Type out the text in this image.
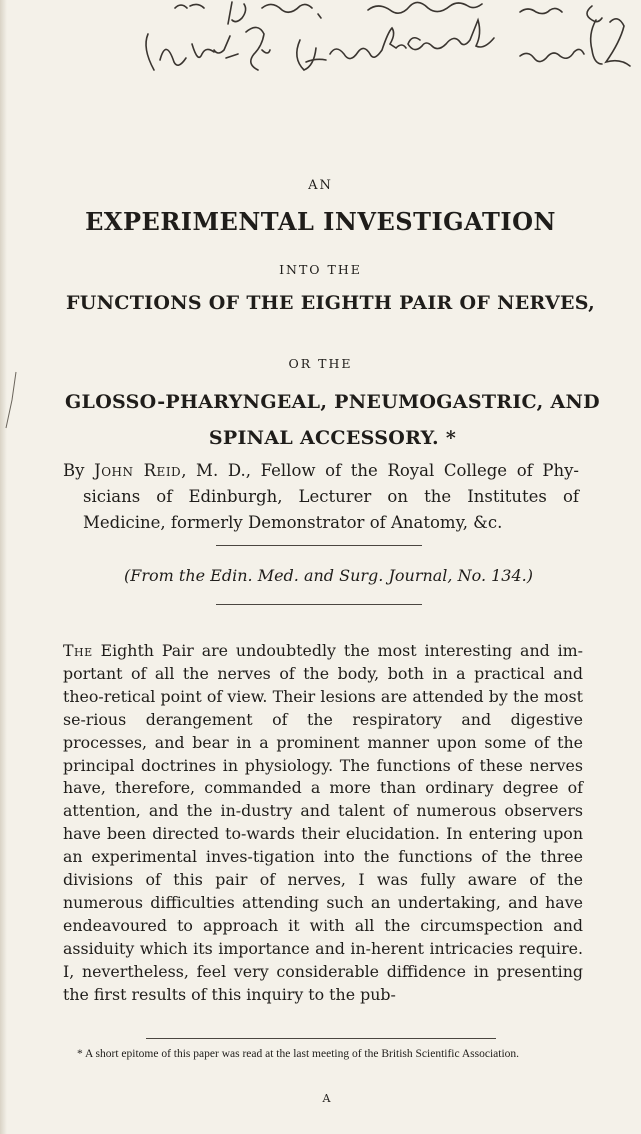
AN
EXPERIMENTAL INVESTIGATION
INTO THE
FUNCTIONS OF THE EIGHTH PAIR OF NERVES,
OR THE
GLOSSO-PHARYNGEAL, PNEUMOGASTRIC, AND
SPINAL ACCESSORY. *
By John Reid, M. D., Fellow of the Royal College of Phy-sicians of Edinburgh, Lecturer on the Institutes of Medicine, formerly Demonstrator of Anatomy, &c.
(From the Edin. Med. and Surg. Journal, No. 134.)
The Eighth Pair are undoubtedly the most interesting and im-portant of all the nerves of the body, both in a practical and theo-retical point of view. Their lesions are attended by the most se-rious derangement of the respiratory and digestive processes, and bear in a prominent manner upon some of the principal doctrines in physiology. The functions of these nerves have, therefore, commanded a more than ordinary degree of attention, and the in-dustry and talent of numerous observers have been directed to-wards their elucidation. In entering upon an experimental inves-tigation into the functions of the three divisions of this pair of nerves, I was fully aware of the numerous difficulties attending such an undertaking, and have endeavoured to approach it with all the circumspection and assiduity which its importance and in-herent intricacies require. I, nevertheless, feel very considerable diffidence in presenting the first results of this inquiry to the pub-
* A short epitome of this paper was read at the last meeting of the British Scientific Association.
A
